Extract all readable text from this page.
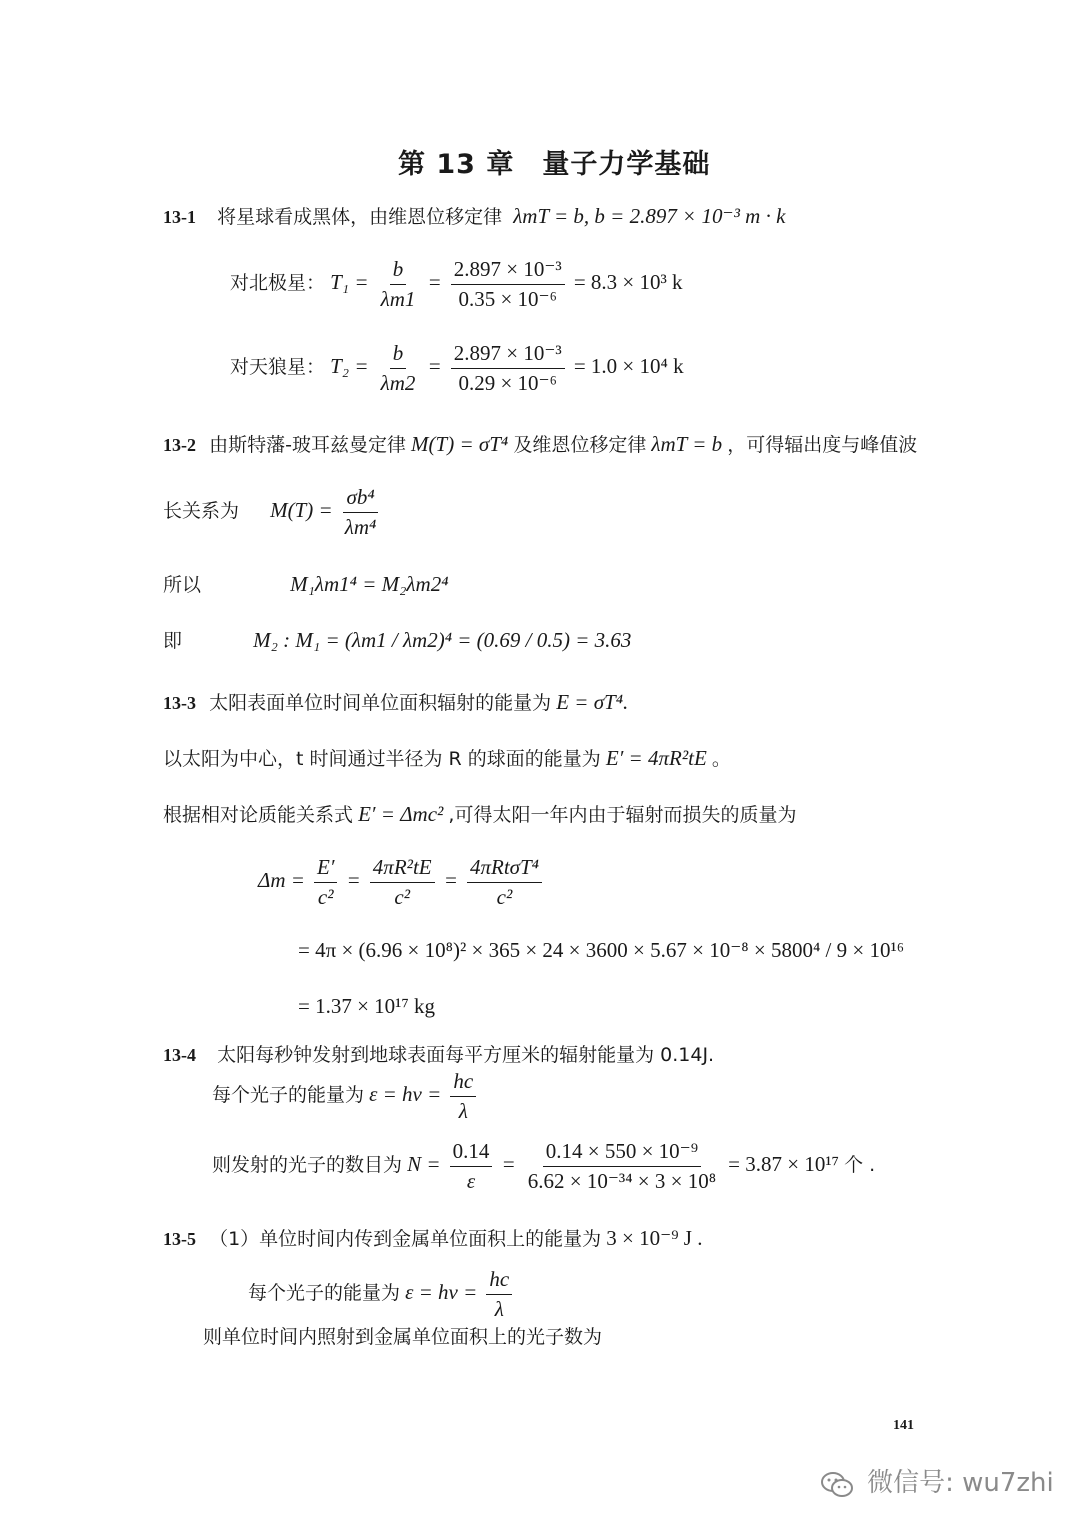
第 13 章　量子力学基础
13-1 将星球看成黑体，由维恩位移定律 λmT = b, b = 2.897 × 10⁻³ m · k
对北极星： $T_1 = \frac{b}{\lambda m1} = \frac{\text{2.897 × 10⁻³}}{\text{0.35 × 10⁻⁶}} = 8.3 \times 10^3$ k
对天狼星： $T_2 = \frac{b}{\lambda m2} = \frac{\text{2.897 × 10⁻³}}{\text{0.29 × 10⁻⁶}} = 1.0 \times 10^4$ k
13-2 由斯特藩-玻耳兹曼定律 M(T) = σT⁴ 及维恩位移定律 λmT = b ，可得辐出度与峰值波
长关系为 $M(T) = \frac{\text{σb⁴}}{\text{λm⁴}}$
所以	M₁λm1⁴ = M₂λm2⁴
即	M₂ : M₁ = (λm1 / λm2)⁴ = (0.69 / 0.5) = 3.63
13-3 太阳表面单位时间单位面积辐射的能量为 E = σT⁴.
以太阳为中心，t 时间通过半径为 R 的球面的能量为 E′ = 4πR²tE 。
根据相对论质能关系式 E′ = Δmc² ,可得太阳一年内由于辐射而损失的质量为
$\Delta m = \frac{E'}{\text{c²}} = \frac{\text{4πR²tE}}{\text{c²}} = \frac{\text{4πRtσT⁴}}{\text{c²}}$
= 4π × (6.96 × 10⁸)² × 365 × 24 × 3600 × 5.67 × 10⁻⁸ × 5800⁴ / 9 × 10¹⁶
= 1.37 × 10¹⁷ kg
13-4 太阳每秒钟发射到地球表面每平方厘米的辐射能量为 0.14J.
每个光子的能量为 $\varepsilon = h\nu = \frac{hc}{\lambda}$
则发射的光子的数目为 $N = \frac{0.14}{\varepsilon} = \frac{\text{0.14 × 550 × 10⁻⁹}}{\text{6.62 × 10⁻³⁴ × 3 × 10⁸}} = 3.87 \times 10^{17}$ 个 .
13-5 （1）单位时间内传到金属单位面积上的能量为 3 × 10⁻⁹ J .
每个光子的能量为 $\varepsilon = h\nu = \frac{hc}{\lambda}$
则单位时间内照射到金属单位面积上的光子数为
141
微信号: wu7zhi
